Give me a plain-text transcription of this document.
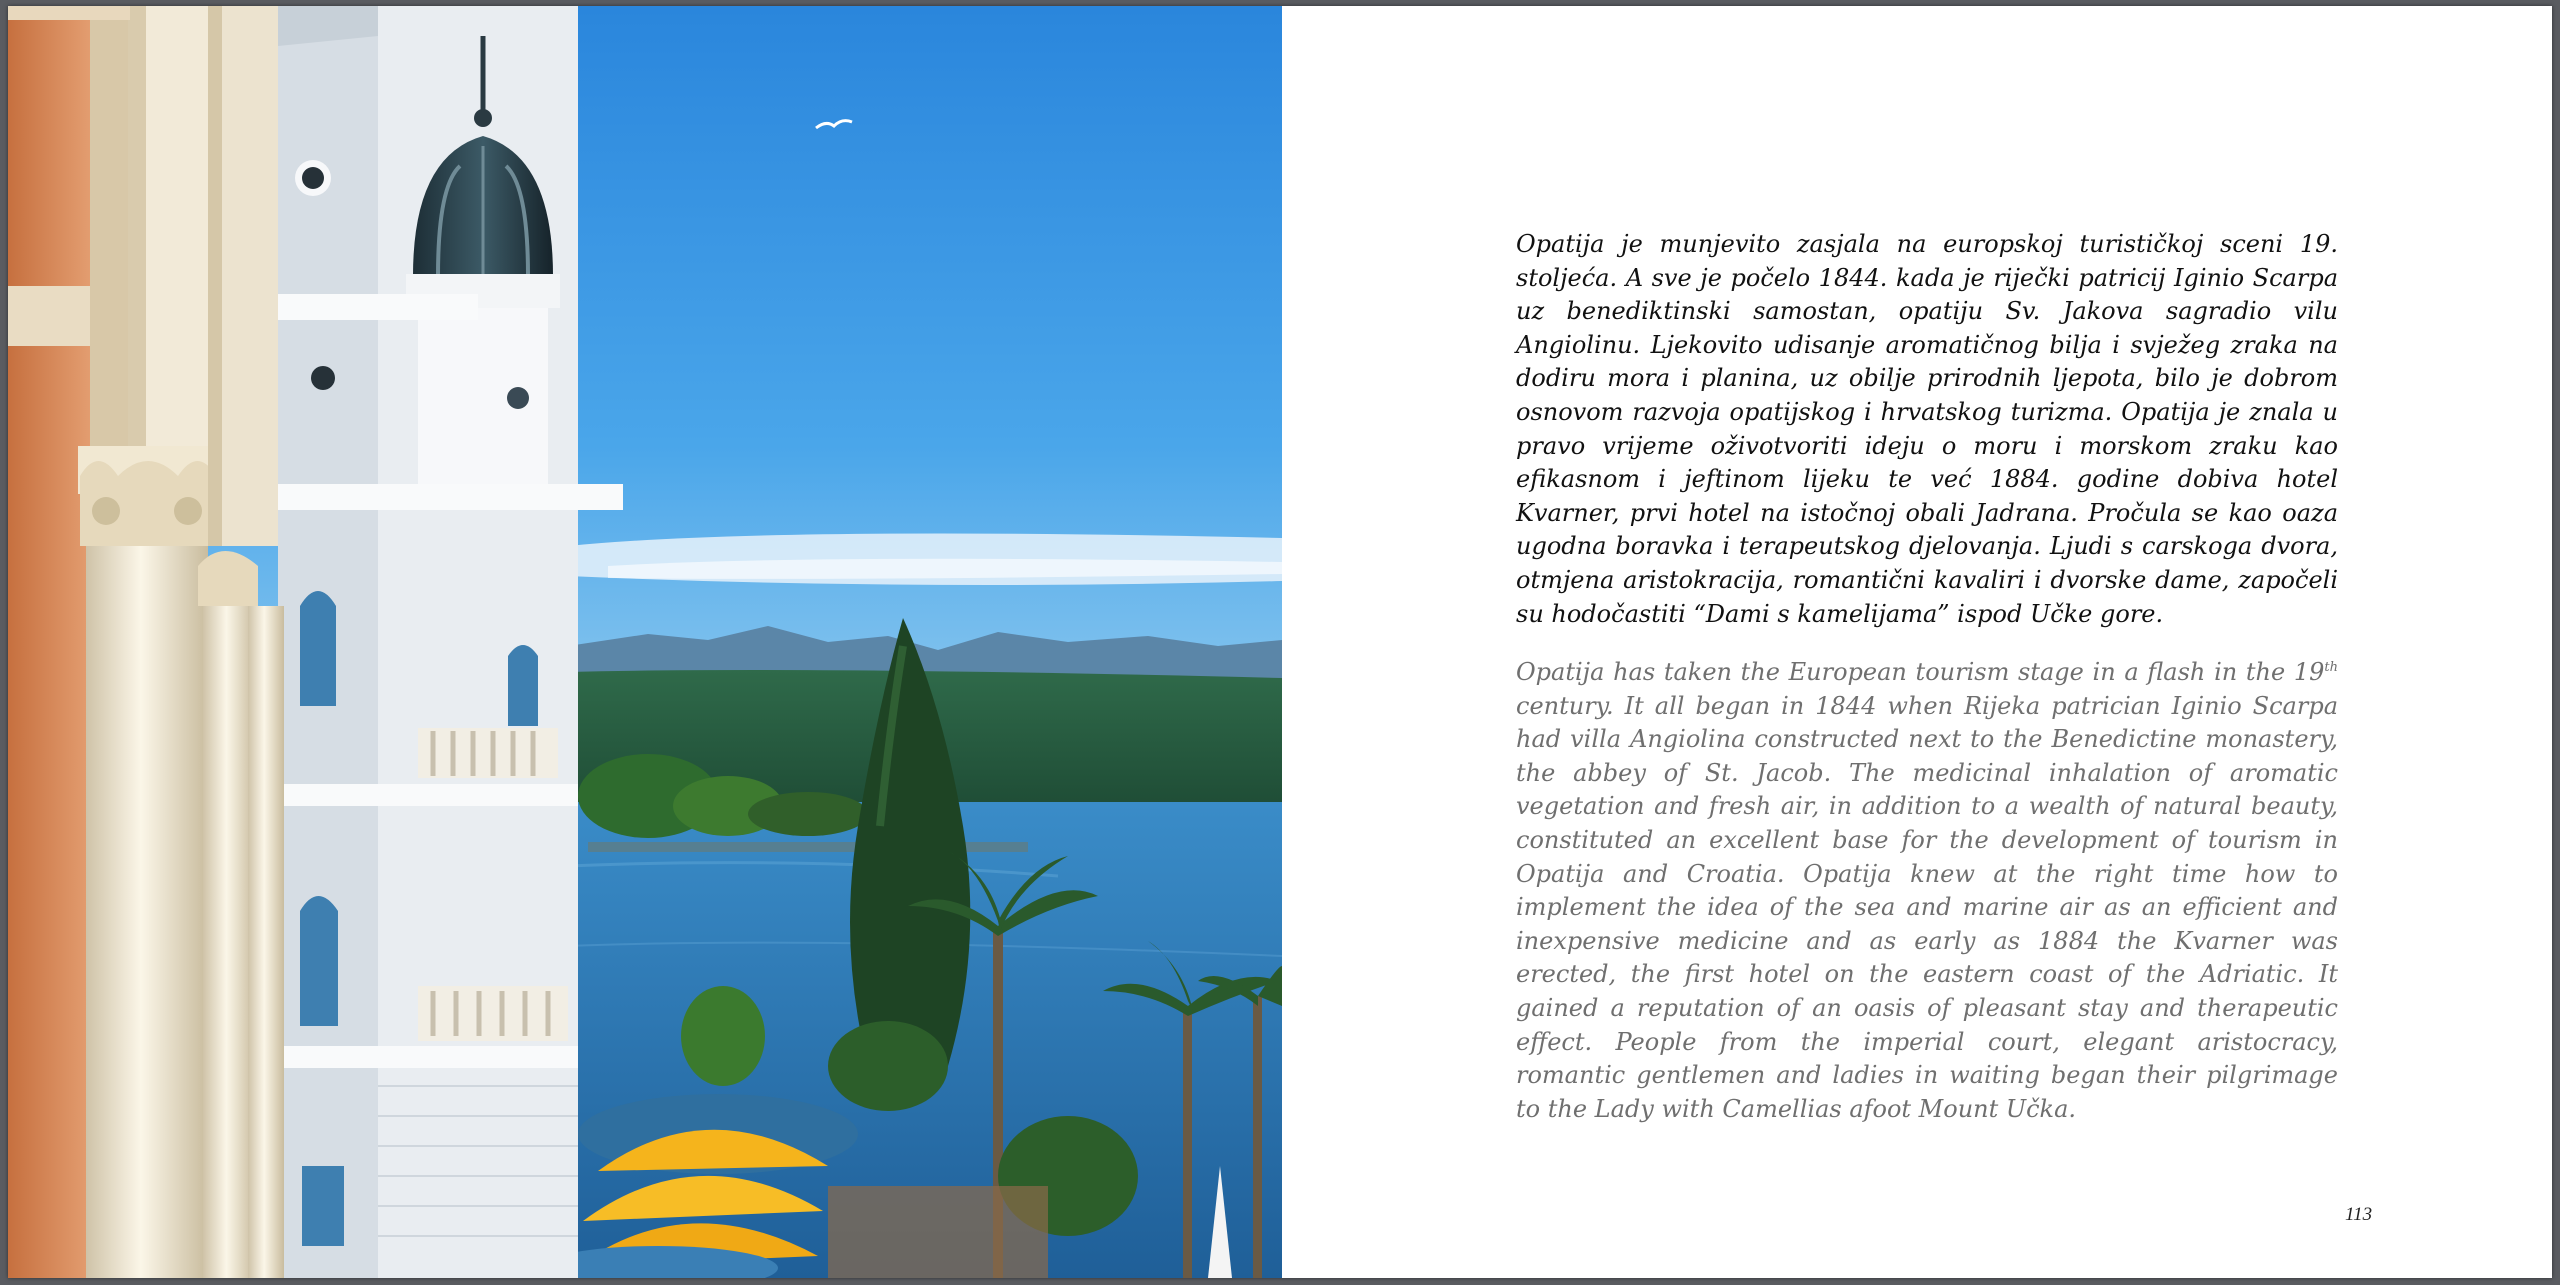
Opatija je munjevito zasjala na europskoj turističkoj sceni 19. stoljeća. A sve je počelo 1844. kada je riječki patricij Iginio Scarpa uz benediktinski samostan, opatiju Sv. Jakova sagradio vilu Angiolinu. Ljekovito udisanje aromatičnog bilja i svježeg zraka na dodiru mora i planina, uz obilje prirodnih ljepota, bilo je dobrom osnovom razvoja opatijskog i hrvatskog turizma. Opatija je znala u pravo vrijeme oživotvoriti ideju o moru i morskom zraku kao efikasnom i jeftinom lijeku te već 1884. godine dobiva hotel Kvarner, prvi hotel na istočnoj obali Jadrana. Pročula se kao oaza ugodna boravka i terapeutskog djelovanja. Ljudi s carskoga dvora, otmjena aristokracija, romantični kavaliri i dvorske dame, započeli su hodočastiti “Dami s kamelijama” ispod Učke gore.

Opatija has taken the European tourism stage in a flash in the 19th century. It all began in 1844 when Rijeka patrician Iginio Scarpa had villa Angiolina constructed next to the Benedictine monastery, the abbey of St. Jacob. The medicinal inhalation of aromatic vegetation and fresh air, in addition to a wealth of natural beauty, constituted an excellent base for the development of tourism in Opatija and Croatia. Opatija knew at the right time how to implement the idea of the sea and marine air as an efficient and inexpensive medicine and as early as 1884 the Kvarner was erected, the first hotel on the eastern coast of the Adriatic. It gained a reputation of an oasis of pleasant stay and therapeutic effect. People from the imperial court, elegant aristocracy, romantic gentlemen and ladies in waiting began their pilgrimage to the Lady with Camellias afoot Mount Učka.

113
